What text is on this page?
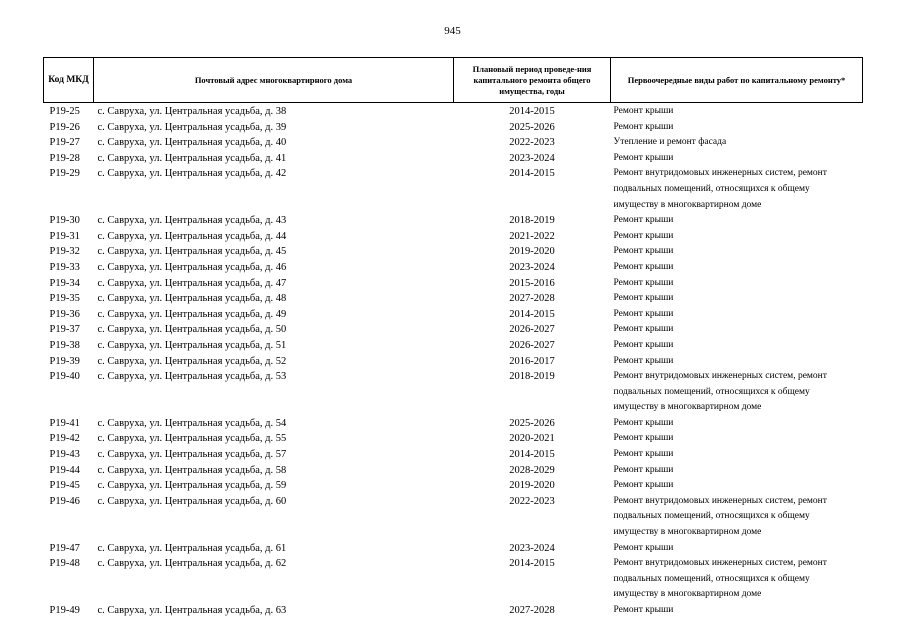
945
Код МКД	Почтовый адрес многоквартирного дома	Плановый период проведе-ния капитального ремонта общего имущества, годы	Первоочередные виды работ по капитальному ремонту*
Р19-25	с. Савруха, ул. Центральная усадьба, д. 38	2014-2015	Ремонт крыши
Р19-26	с. Савруха, ул. Центральная усадьба, д. 39	2025-2026	Ремонт крыши
Р19-27	с. Савруха, ул. Центральная усадьба, д. 40	2022-2023	Утепление и ремонт фасада
Р19-28	с. Савруха, ул. Центральная усадьба, д. 41	2023-2024	Ремонт крыши
Р19-29	с. Савруха, ул. Центральная усадьба, д. 42	2014-2015	Ремонт внутридомовых инженерных систем, ремонт подвальных помещений, относящихся к общему имуществу в многоквартирном доме
Р19-30	с. Савруха, ул. Центральная усадьба, д. 43	2018-2019	Ремонт крыши
Р19-31	с. Савруха, ул. Центральная усадьба, д. 44	2021-2022	Ремонт крыши
Р19-32	с. Савруха, ул. Центральная усадьба, д. 45	2019-2020	Ремонт крыши
Р19-33	с. Савруха, ул. Центральная усадьба, д. 46	2023-2024	Ремонт крыши
Р19-34	с. Савруха, ул. Центральная усадьба, д. 47	2015-2016	Ремонт крыши
Р19-35	с. Савруха, ул. Центральная усадьба, д. 48	2027-2028	Ремонт крыши
Р19-36	с. Савруха, ул. Центральная усадьба, д. 49	2014-2015	Ремонт крыши
Р19-37	с. Савруха, ул. Центральная усадьба, д. 50	2026-2027	Ремонт крыши
Р19-38	с. Савруха, ул. Центральная усадьба, д. 51	2026-2027	Ремонт крыши
Р19-39	с. Савруха, ул. Центральная усадьба, д. 52	2016-2017	Ремонт крыши
Р19-40	с. Савруха, ул. Центральная усадьба, д. 53	2018-2019	Ремонт внутридомовых инженерных систем, ремонт подвальных помещений, относящихся к общему имуществу в многоквартирном доме
Р19-41	с. Савруха, ул. Центральная усадьба, д. 54	2025-2026	Ремонт крыши
Р19-42	с. Савруха, ул. Центральная усадьба, д. 55	2020-2021	Ремонт крыши
Р19-43	с. Савруха, ул. Центральная усадьба, д. 57	2014-2015	Ремонт крыши
Р19-44	с. Савруха, ул. Центральная усадьба, д. 58	2028-2029	Ремонт крыши
Р19-45	с. Савруха, ул. Центральная усадьба, д. 59	2019-2020	Ремонт крыши
Р19-46	с. Савруха, ул. Центральная усадьба, д. 60	2022-2023	Ремонт внутридомовых инженерных систем, ремонт подвальных помещений, относящихся к общему имуществу в многоквартирном доме
Р19-47	с. Савруха, ул. Центральная усадьба, д. 61	2023-2024	Ремонт крыши
Р19-48	с. Савруха, ул. Центральная усадьба, д. 62	2014-2015	Ремонт внутридомовых инженерных систем, ремонт подвальных помещений, относящихся к общему имуществу в многоквартирном доме
Р19-49	с. Савруха, ул. Центральная усадьба, д. 63	2027-2028	Ремонт крыши
